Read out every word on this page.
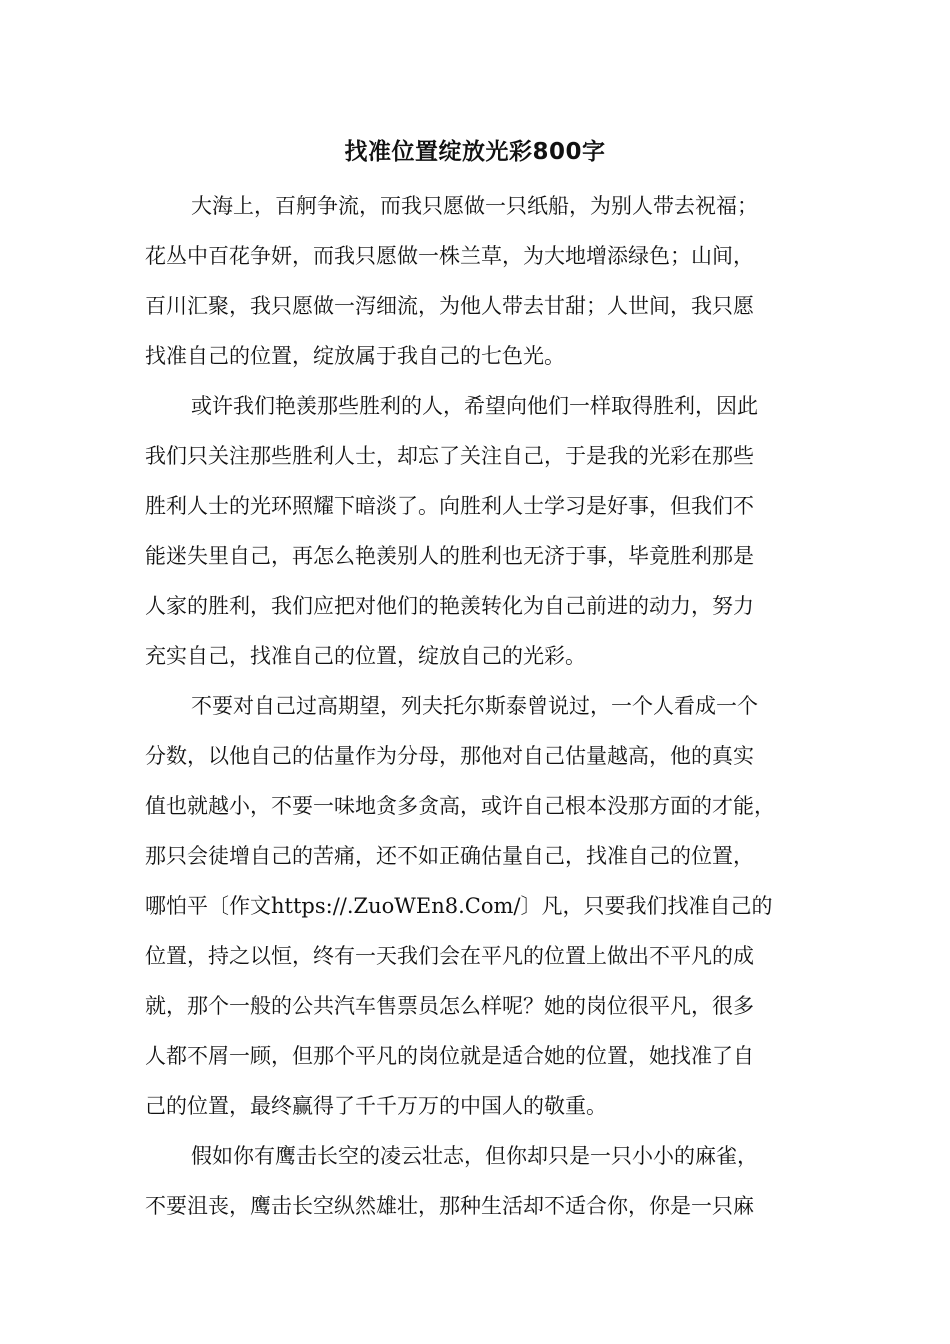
找准位置绽放光彩800字
大海上，百舸争流，而我只愿做一只纸船，为别人带去祝福；
花丛中百花争妍，而我只愿做一株兰草，为大地增添绿色；山间，
百川汇聚，我只愿做一泻细流，为他人带去甘甜；人世间，我只愿
找准自己的位置，绽放属于我自己的七色光。
或许我们艳羡那些胜利的人，希望向他们一样取得胜利，因此
我们只关注那些胜利人士，却忘了关注自己，于是我的光彩在那些
胜利人士的光环照耀下暗淡了。向胜利人士学习是好事，但我们不
能迷失里自己，再怎么艳羡别人的胜利也无济于事，毕竟胜利那是
人家的胜利，我们应把对他们的艳羡转化为自己前进的动力，努力
充实自己，找准自己的位置，绽放自己的光彩。
不要对自己过高期望，列夫托尔斯泰曾说过，一个人看成一个
分数，以他自己的估量作为分母，那他对自己估量越高，他的真实
值也就越小，不要一味地贪多贪高，或许自己根本没那方面的才能，
那只会徒增自己的苦痛，还不如正确估量自己，找准自己的位置，
哪怕平〔作文https://.ZuoWEn8.Com/〕凡，只要我们找准自己的
位置，持之以恒，终有一天我们会在平凡的位置上做出不平凡的成
就，那个一般的公共汽车售票员怎么样呢？她的岗位很平凡，很多
人都不屑一顾，但那个平凡的岗位就是适合她的位置，她找准了自
己的位置，最终赢得了千千万万的中国人的敬重。
假如你有鹰击长空的凌云壮志，但你却只是一只小小的麻雀，
不要沮丧，鹰击长空纵然雄壮，那种生活却不适合你，你是一只麻
